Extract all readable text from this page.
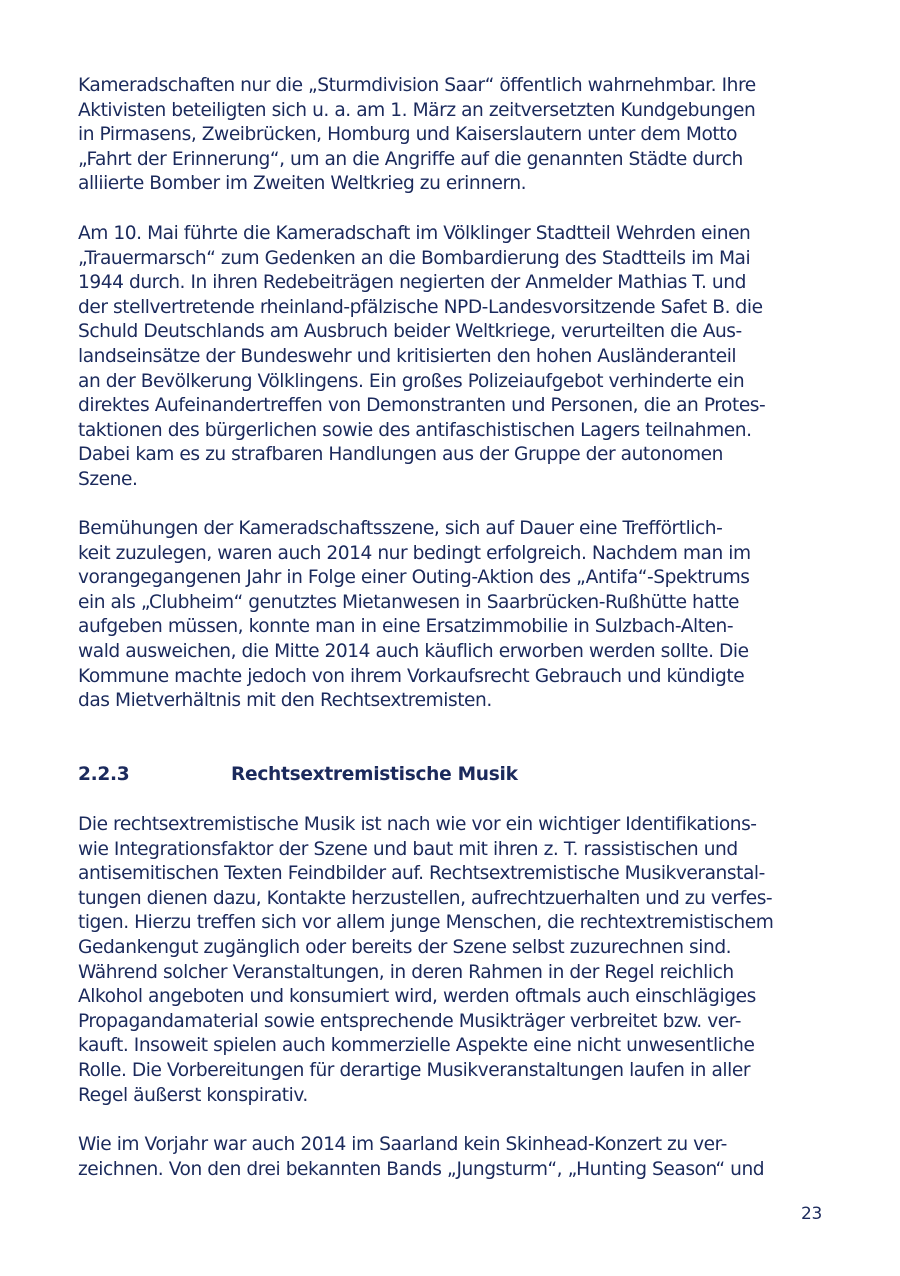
Kameradschaften nur die „Sturmdivision Saar“ öffentlich wahrnehmbar. Ihre
Aktivisten beteiligten sich u. a. am 1. März an zeitversetzten Kundgebungen
in Pirmasens, Zweibrücken, Homburg und Kaiserslautern unter dem Motto
„Fahrt der Erinnerung“, um an die Angriffe auf die genannten Städte durch
alliierte Bomber im Zweiten Weltkrieg zu erinnern.
Am 10. Mai führte die Kameradschaft im Völklinger Stadtteil Wehrden einen
„Trauermarsch“ zum Gedenken an die Bombardierung des Stadtteils im Mai
1944 durch. In ihren Redebeiträgen negierten der Anmelder Mathias T. und
der stellvertretende rheinland-pfälzische NPD-Landesvorsitzende Safet B. die
Schuld Deutschlands am Ausbruch beider Weltkriege, verurteilten die Aus-
landseinsätze der Bundeswehr und kritisierten den hohen Ausländeranteil
an der Bevölkerung Völklingens. Ein großes Polizeiaufgebot verhinderte ein
direktes Aufeinandertreffen von Demonstranten und Personen, die an Protes-
taktionen des bürgerlichen sowie des antifaschistischen Lagers teilnahmen.
Dabei kam es zu strafbaren Handlungen aus der Gruppe der autonomen
Szene.
Bemühungen der Kameradschaftsszene, sich auf Dauer eine Trefförtlich-
keit zuzulegen, waren auch 2014 nur bedingt erfolgreich. Nachdem man im
vorangegangenen Jahr in Folge einer Outing-Aktion des „Antifa“-Spektrums
ein als „Clubheim“ genutztes Mietanwesen in Saarbrücken-Rußhütte hatte
aufgeben müssen, konnte man in eine Ersatzimmobilie in Sulzbach-Alten-
wald ausweichen, die Mitte 2014 auch käuflich erworben werden sollte. Die
Kommune machte jedoch von ihrem Vorkaufsrecht Gebrauch und kündigte
das Mietverhältnis mit den Rechtsextremisten.
2.2.3	Rechtsextremistische Musik
Die rechtsextremistische Musik ist nach wie vor ein wichtiger Identifikations-
wie Integrationsfaktor der Szene und baut mit ihren z. T. rassistischen und
antisemitischen Texten Feindbilder auf. Rechtsextremistische Musikveranstal-
tungen dienen dazu, Kontakte herzustellen, aufrechtzuerhalten und zu verfes-
tigen. Hierzu treffen sich vor allem junge Menschen, die rechtextremistischem
Gedankengut zugänglich oder bereits der Szene selbst zuzurechnen sind.
Während solcher Veranstaltungen, in deren Rahmen in der Regel reichlich
Alkohol angeboten und konsumiert wird, werden oftmals auch einschlägiges
Propagandamaterial sowie entsprechende Musikträger verbreitet bzw. ver-
kauft. Insoweit spielen auch kommerzielle Aspekte eine nicht unwesentliche
Rolle. Die Vorbereitungen für derartige Musikveranstaltungen laufen in aller
Regel äußerst konspirativ.
Wie im Vorjahr war auch 2014 im Saarland kein Skinhead-Konzert zu ver-
zeichnen. Von den drei bekannten Bands „Jungsturm“, „Hunting Season“ und
23
